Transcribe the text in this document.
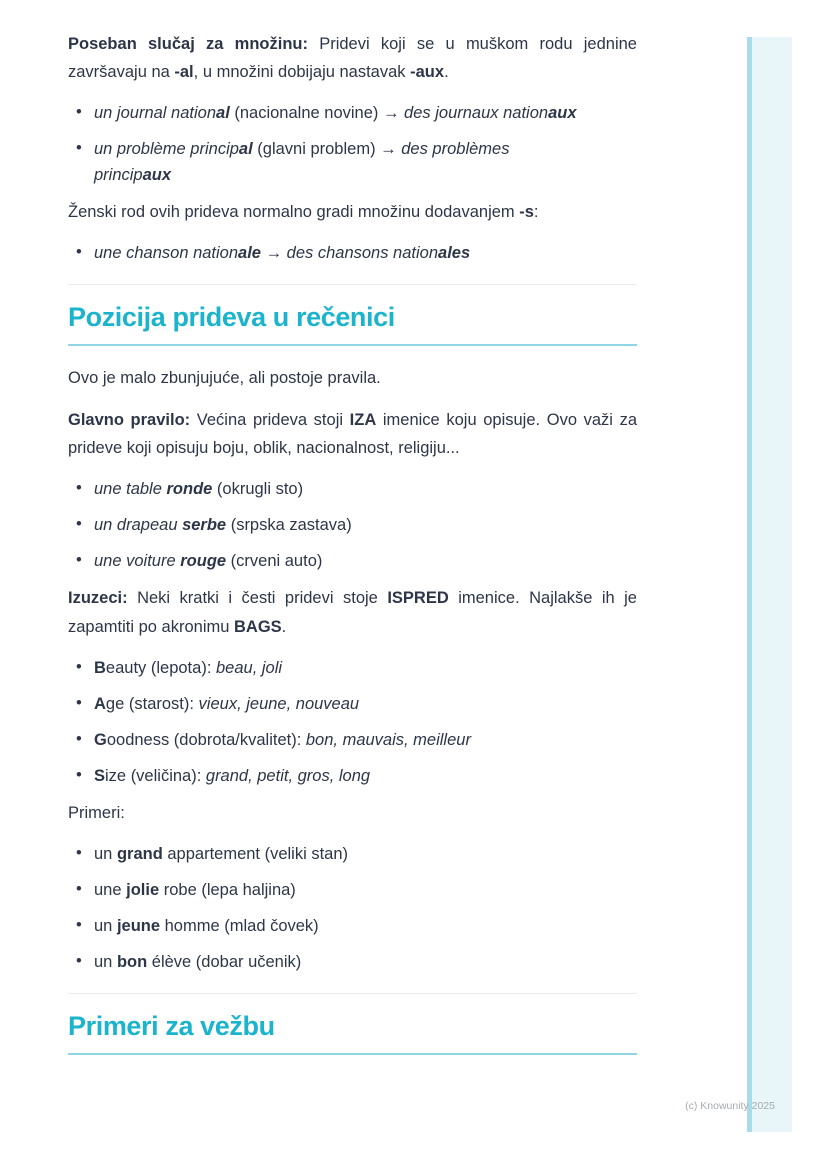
Poseban slučaj za množinu: Pridevi koji se u muškom rodu jednine završavaju na -al, u množini dobijaju nastavak -aux.

• un journal national (nacionalne novine) → des journaux nationaux
• un problème principal (glavni problem) → des problèmes
principaux

Ženski rod ovih prideva normalno gradi množinu dodavanjem -s:

• une chanson nationale → des chansons nationales
Pozicija prideva u rečenici

Ovo je malo zbunjujuće, ali postoje pravila.

Glavno pravilo: Većina prideva stoji IZA imenice koju opisuje. Ovo važi za prideve koji opisuju boju, oblik, nacionalnost, religiju...

• une table ronde (okrugli sto)
• un drapeau serbe (srpska zastava)
• une voiture rouge (crveni auto)

Izuzeci: Neki kratki i česti pridevi stoje ISPRED imenice. Najlakše ih je zapamtiti po akronimu BAGS.

• Beauty (lepota): beau, joli
• Age (starost): vieux, jeune, nouveau
• Goodness (dobrota/kvalitet): bon, mauvais, meilleur
• Size (veličina): grand, petit, gros, long

Primeri:

• un grand appartement (veliki stan)
• une jolie robe (lepa haljina)
• un jeune homme (mlad čovek)
• un bon élève (dobar učenik)
Primeri za vežbu
(c) Knowunity 2025
